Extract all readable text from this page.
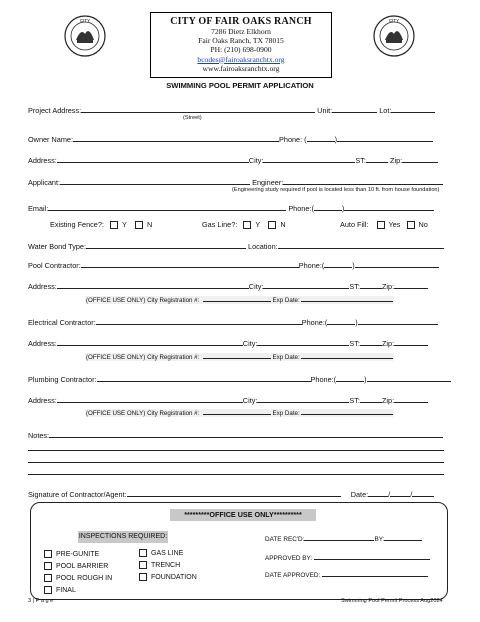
CITY	CITY
CITY OF FAIR OAKS RANCH
7286 Dietz Elkhorn
Fair Oaks Ranch, TX 78015
PH: (210) 698-0900
bcodes@fairoaksranchtx.org
www.fairoaksranchtx.org
SWIMMING POOL PERMIT APPLICATION
Project Address:	Unit:	Lot:
(Street)
Owner Name:	Phone: (	)
Address:	City:	ST:	Zip:
Applicant:	Engineer:
(Engineering study required if pool is located less than 10 ft. from house foundation)
Email:	Phone:(	)
Existing Fence?: Y	N	Gas Line?: Y	N	Auto Fill:	Yes No
Water Bond Type:	Location:
Pool Contractor:	Phone:(	)
Address:	City:	ST:	Zip:
(OFFICE USE ONLY) City Registration #:	Exp Date:
Electrical Contractor:	Phone:(	)
Address:	City:	ST:	Zip:
(OFFICE USE ONLY) City Registration #:	Exp Date:
Plumbing Contractor:	Phone:(	)
Address:	City:	ST:	Zip:
(OFFICE USE ONLY) City Registration #:	Exp Date:
Notes:
Signature of Contractor/Agent:	Date:	/	/
*********OFFICE USE ONLY**********
INSPECTIONS REQUIRED:
PRE-GUNITE
POOL BARRIER
POOL ROUGH IN
FINAL
GAS LINE
TRENCH
FOUNDATION
DATE REC'D:	BY:
APPROVED BY:
DATE APPROVED:
3 | P a g e	Swimming Pool Permit Process Aug2024
